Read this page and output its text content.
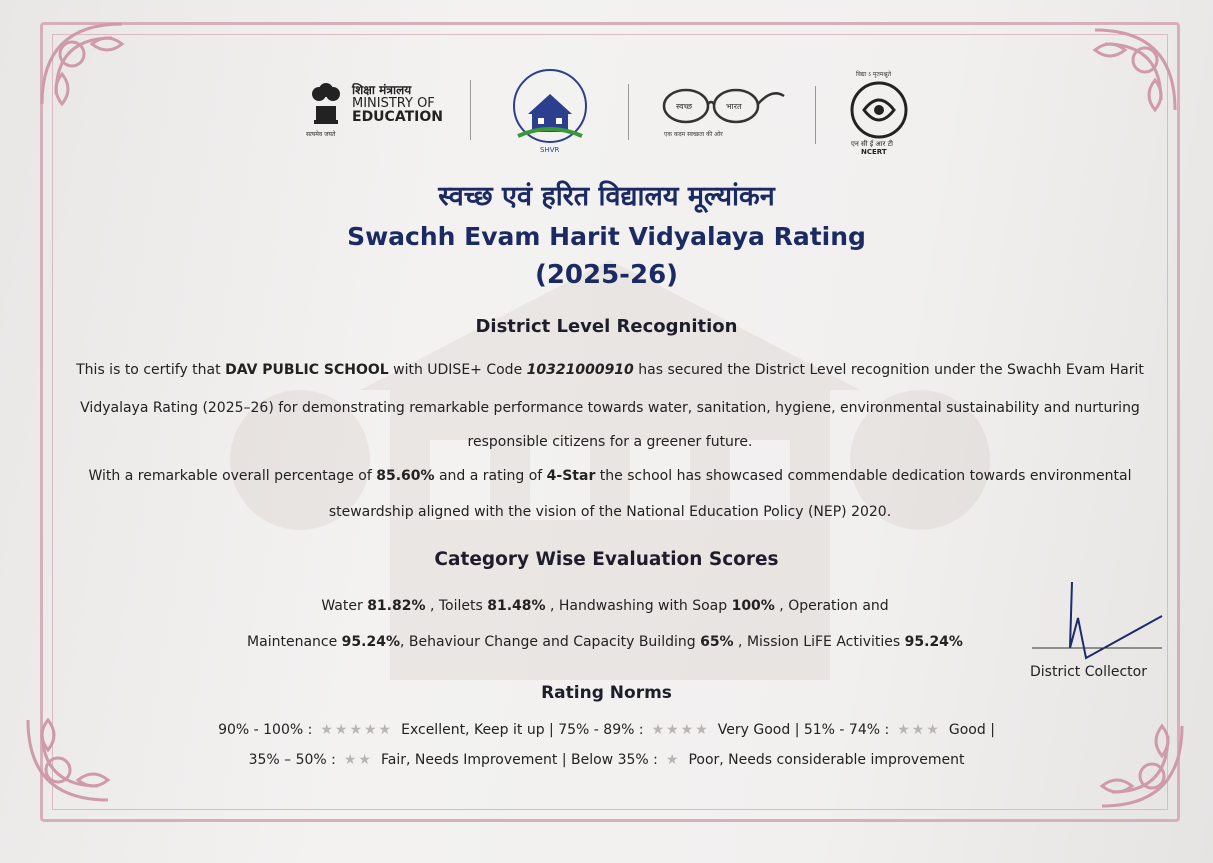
सत्यमेव जयते
शिक्षा मंत्रालय
MINISTRY OF
EDUCATION
SHVR
स्वच्छ	भारत
एक कदम स्वच्छता की ओर
विद्या ऽ मृतमश्नुते
एन सी ई आर टी
NCERT
स्वच्छ एवं हरित विद्यालय मूल्यांकन
Swachh Evam Harit Vidyalaya Rating
(2025-26)
District Level Recognition
This is to certify that DAV PUBLIC SCHOOL with UDISE+ Code 10321000910 has secured the District Level recognition under the Swachh Evam Harit
Vidyalaya Rating (2025–26) for demonstrating remarkable performance towards water, sanitation, hygiene, environmental sustainability and nurturing
responsible citizens for a greener future.
With a remarkable overall percentage of 85.60% and a rating of 4-Star the school has showcased commendable dedication towards environmental
stewardship aligned with the vision of the National Education Policy (NEP) 2020.
Category Wise Evaluation Scores
Water 81.82% , Toilets 81.48% , Handwashing with Soap 100% , Operation and
Maintenance 95.24%, Behaviour Change and Capacity Building 65% , Mission LiFE Activities 95.24%
District Collector
Rating Norms
90% - 100% : ★★★★★ Excellent, Keep it up | 75% - 89% : ★★★★ Very Good | 51% - 74% : ★★★ Good |
35% – 50% : ★★ Fair, Needs Improvement | Below 35% : ★ Poor, Needs considerable improvement
